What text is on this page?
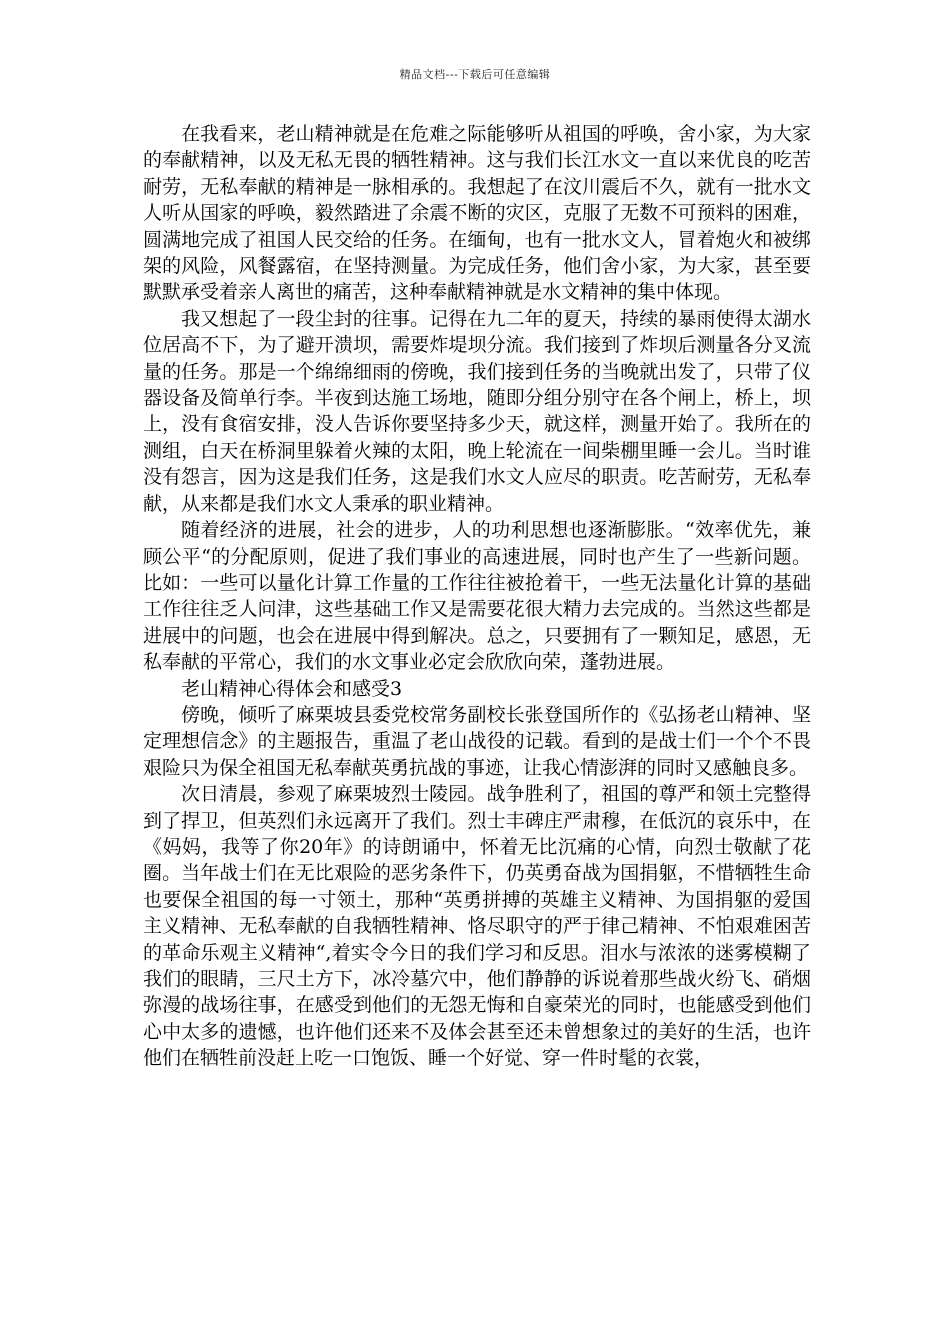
精品文档---下载后可任意编辑

在我看来，老山精神就是在危难之际能够听从祖国的呼唤，舍小家，为大家的奉献精神，以及无私无畏的牺牲精神。这与我们长江水文一直以来优良的吃苦耐劳，无私奉献的精神是一脉相承的。我想起了在汶川震后不久，就有一批水文人听从国家的呼唤，毅然踏进了余震不断的灾区，克服了无数不可预料的困难，圆满地完成了祖国人民交给的任务。在缅甸，也有一批水文人，冒着炮火和被绑架的风险，风餐露宿，在坚持测量。为完成任务，他们舍小家，为大家，甚至要默默承受着亲人离世的痛苦，这种奉献精神就是水文精神的集中体现。

我又想起了一段尘封的往事。记得在九二年的夏天，持续的暴雨使得太湖水位居高不下，为了避开溃坝，需要炸堤坝分流。我们接到了炸坝后测量各分叉流量的任务。那是一个绵绵细雨的傍晚，我们接到任务的当晚就出发了，只带了仪器设备及简单行李。半夜到达施工场地，随即分组分别守在各个闸上，桥上，坝上，没有食宿安排，没人告诉你要坚持多少天，就这样，测量开始了。我所在的测组，白天在桥洞里躲着火辣的太阳，晚上轮流在一间柴棚里睡一会儿。当时谁没有怨言，因为这是我们任务，这是我们水文人应尽的职责。吃苦耐劳，无私奉献，从来都是我们水文人秉承的职业精神。

随着经济的进展，社会的进步，人的功利思想也逐渐膨胀。“效率优先，兼顾公平“的分配原则，促进了我们事业的高速进展，同时也产生了一些新问题。比如：一些可以量化计算工作量的工作往往被抢着干，一些无法量化计算的基础工作往往乏人问津，这些基础工作又是需要花很大精力去完成的。当然这些都是进展中的问题，也会在进展中得到解决。总之，只要拥有了一颗知足，感恩，无私奉献的平常心，我们的水文事业必定会欣欣向荣，蓬勃进展。

老山精神心得体会和感受3

傍晚，倾听了麻栗坡县委党校常务副校长张登国所作的《弘扬老山精神、坚定理想信念》的主题报告，重温了老山战役的记载。看到的是战士们一个个不畏艰险只为保全祖国无私奉献英勇抗战的事迹，让我心情澎湃的同时又感触良多。

次日清晨，参观了麻栗坡烈士陵园。战争胜利了，祖国的尊严和领土完整得到了捍卫，但英烈们永远离开了我们。烈士丰碑庄严肃穆，在低沉的哀乐中，在《妈妈，我等了你20年》的诗朗诵中，怀着无比沉痛的心情，向烈士敬献了花圈。当年战士们在无比艰险的恶劣条件下，仍英勇奋战为国捐躯，不惜牺牲生命也要保全祖国的每一寸领土，那种“英勇拼搏的英雄主义精神、为国捐躯的爱国主义精神、无私奉献的自我牺牲精神、恪尽职守的严于律己精神、不怕艰难困苦的革命乐观主义精神“,着实令今日的我们学习和反思。泪水与浓浓的迷雾模糊了我们的眼睛，三尺土方下，冰冷墓穴中，他们静静的诉说着那些战火纷飞、硝烟弥漫的战场往事，在感受到他们的无怨无悔和自豪荣光的同时，也能感受到他们心中太多的遗憾，也许他们还来不及体会甚至还未曾想象过的美好的生活，也许他们在牺牲前没赶上吃一口饱饭、睡一个好觉、穿一件时髦的衣裳，
